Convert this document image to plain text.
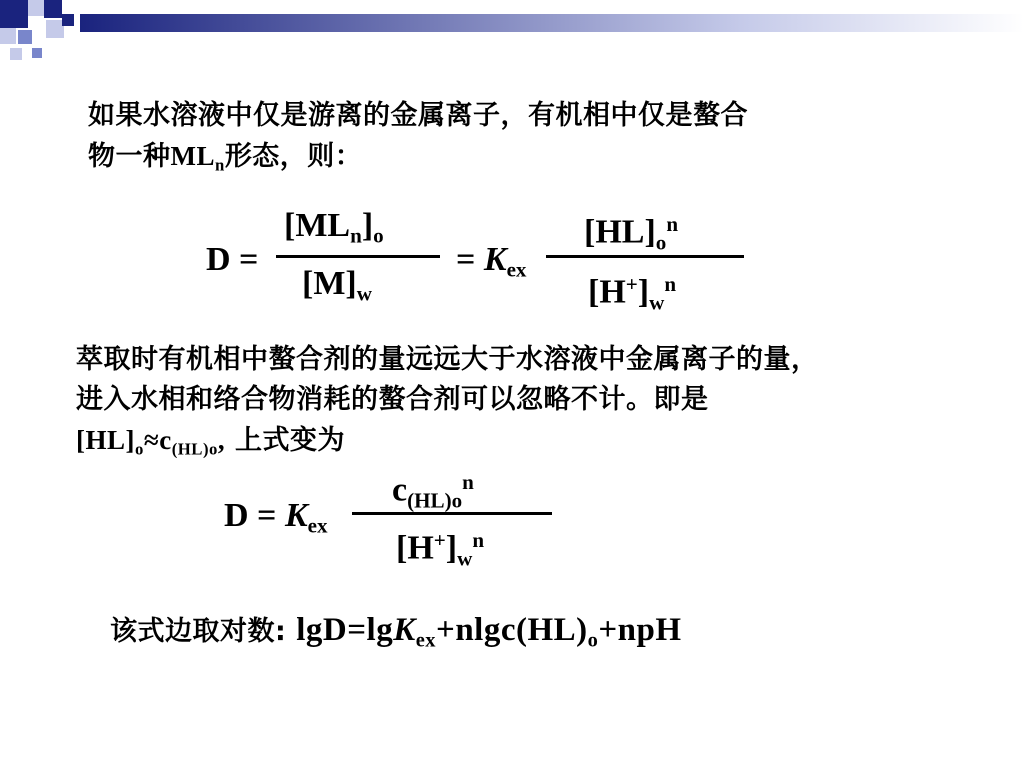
如果水溶液中仅是游离的金属离子，有机相中仅是螯合
物一种$ML_n$形态，则：
D =
$[ML_n]_o$
$[M]_w$
= $K_{ex}$
$[HL]_o^n$
$[H^+]_w^n$
萃取时有机相中螯合剂的量远远大于水溶液中金属离子的量，
进入水相和络合物消耗的螯合剂可以忽略不计。即是
$[HL]_o\approx c_{(HL)o}$, 上式变为
$D = K_{ex}$
$c_{(HL)o}^n$
$[H^+]_w^n$
该式边取对数: $\lg D=\lg K_{ex}+nlgc(HL)_o+npH$
